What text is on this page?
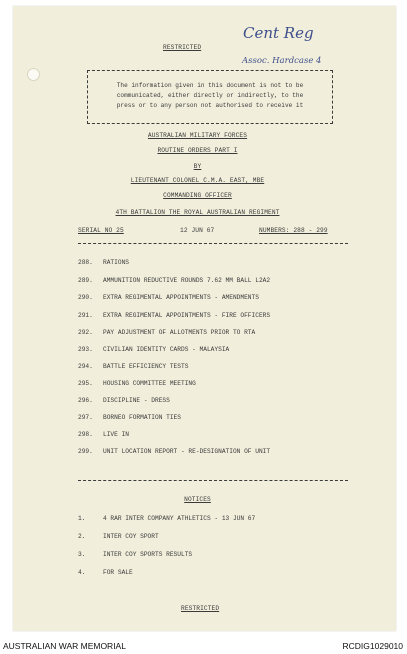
Cent Reg
Assoc. Hardcase 4
RESTRICTED

The information given in this document is not to be

communicated, either directly or indirectly, to the

press or to any person not authorised to receive it

AUSTRALIAN MILITARY FORCES
ROUTINE ORDERS PART I
BY
LIEUTENANT COLONEL C.M.A. EAST, MBE
COMMANDING OFFICER
4TH BATTALION THE ROYAL AUSTRALIAN REGIMENT
SERIAL NO 25	12 JUN 67	NUMBERS: 288 - 299
288. RATIONS
289. AMMUNITION REDUCTIVE ROUNDS 7.62 MM BALL L2A2
290. EXTRA REGIMENTAL APPOINTMENTS - AMENDMENTS
291. EXTRA REGIMENTAL APPOINTMENTS - FIRE OFFICERS
292. PAY ADJUSTMENT OF ALLOTMENTS PRIOR TO RTA
293. CIVILIAN IDENTITY CARDS - MALAYSIA
294. BATTLE EFFICIENCY TESTS
295. HOUSING COMMITTEE MEETING
296. DISCIPLINE - DRESS
297. BORNEO FORMATION TIES
298. LIVE IN
299. UNIT LOCATION REPORT - RE-DESIGNATION OF UNIT
NOTICES
1.	4 RAR INTER COMPANY ATHLETICS - 13 JUN 67
2.	INTER COY SPORT
3.	INTER COY SPORTS RESULTS
4.	FOR SALE
RESTRICTED
AUSTRALIAN WAR MEMORIAL	RCDIG1029010
